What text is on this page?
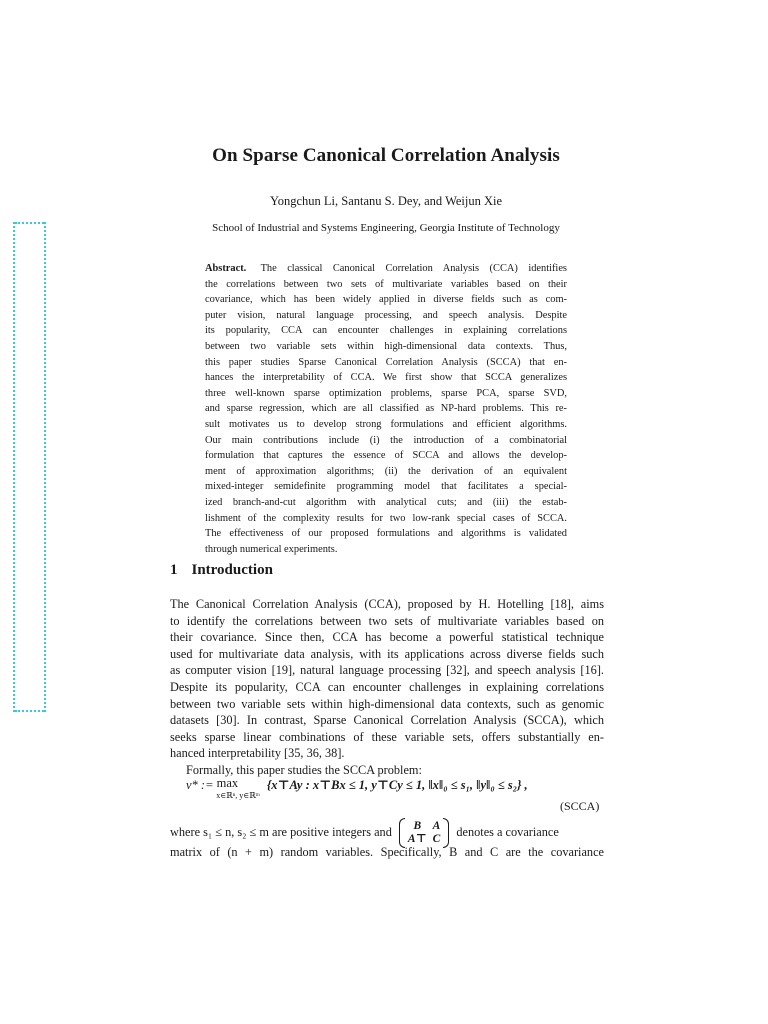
On Sparse Canonical Correlation Analysis
Yongchun Li, Santanu S. Dey, and Weijun Xie
School of Industrial and Systems Engineering, Georgia Institute of Technology
Abstract. The classical Canonical Correlation Analysis (CCA) identifies
the correlations between two sets of multivariate variables based on their
covariance, which has been widely applied in diverse fields such as com-
puter vision, natural language processing, and speech analysis. Despite
its popularity, CCA can encounter challenges in explaining correlations
between two variable sets within high-dimensional data contexts. Thus,
this paper studies Sparse Canonical Correlation Analysis (SCCA) that en-
hances the interpretability of CCA. We first show that SCCA generalizes
three well-known sparse optimization problems, sparse PCA, sparse SVD,
and sparse regression, which are all classified as NP-hard problems. This re-
sult motivates us to develop strong formulations and efficient algorithms.
Our main contributions include (i) the introduction of a combinatorial
formulation that captures the essence of SCCA and allows the develop-
ment of approximation algorithms; (ii) the derivation of an equivalent
mixed-integer semidefinite programming model that facilitates a special-
ized branch-and-cut algorithm with analytical cuts; and (iii) the estab-
lishment of the complexity results for two low-rank special cases of SCCA.
The effectiveness of our proposed formulations and algorithms is validated
through numerical experiments.
1 Introduction
The Canonical Correlation Analysis (CCA), proposed by H. Hotelling [18], aims
to identify the correlations between two sets of multivariate variables based on
their covariance. Since then, CCA has become a powerful statistical technique
used for multivariate data analysis, with its applications across diverse fields such
as computer vision [19], natural language processing [32], and speech analysis [16].
Despite its popularity, CCA can encounter challenges in explaining correlations
between two variable sets within high-dimensional data contexts, such as genomic
datasets [30]. In contrast, Sparse Canonical Correlation Analysis (SCCA), which
seeks sparse linear combinations of these variable sets, offers substantially en-
hanced interpretability [35, 36, 38].
Formally, this paper studies the SCCA problem:
v* := maxx∈ℝⁿ, y∈ℝᵐ {x⊤Ay : x⊤Bx ≤ 1, y⊤Cy ≤ 1, ‖x‖₀ ≤ s₁, ‖y‖₀ ≤ s₂} ,
(SCCA)
where s₁ ≤ n, s₂ ≤ m are positive integers and B	A
A⊤	C
denotes a covariance
matrix of (n + m) random variables. Specifically, B and C are the covariance
